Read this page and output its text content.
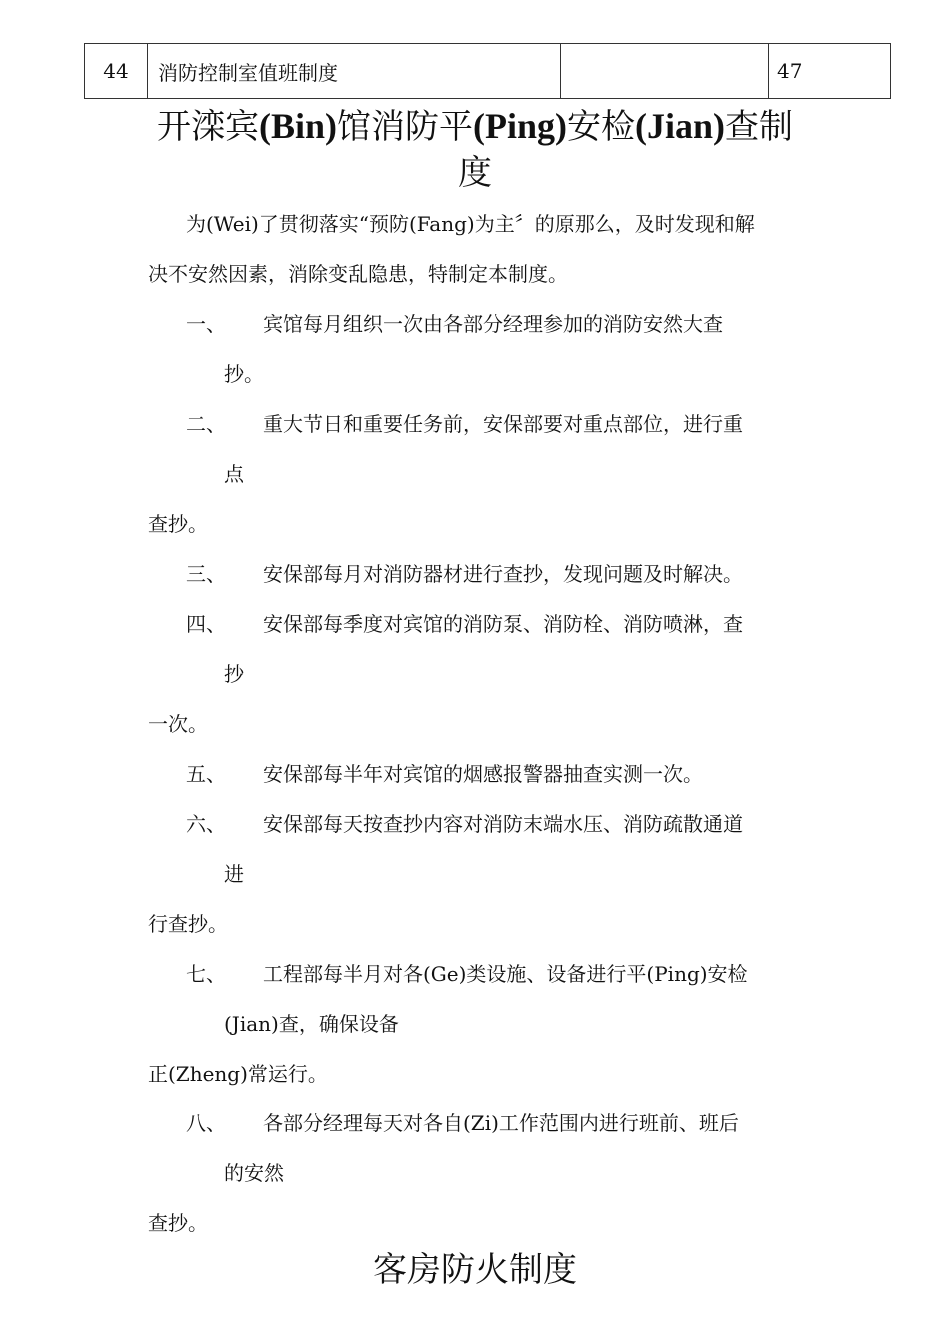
44	消防控制室值班制度		47
开滦宾(Bin)馆消防平(Ping)安检(Jian)查制
度
为(Wei)了贯彻落实“预防(Fang)为主〞的原那么，及时发现和解
决不安然因素，消除变乱隐患，特制定本制度。
一、 宾馆每月组织一次由各部分经理参加的消防安然大查
抄。
二、 重大节日和重要任务前，安保部要对重点部位，进行重
点
查抄。
三、 安保部每月对消防器材进行查抄，发现问题及时解决。
四、 安保部每季度对宾馆的消防泵、消防栓、消防喷淋，查
抄
一次。
五、 安保部每半年对宾馆的烟感报警器抽查实测一次。
六、 安保部每天按查抄内容对消防末端水压、消防疏散通道
进
行查抄。
七、 工程部每半月对各(Ge)类设施、设备进行平(Ping)安检
(Jian)查，确保设备
正(Zheng)常运行。
八、 各部分经理每天对各自(Zi)工作范围内进行班前、班后
的安然
查抄。
客房防火制度
